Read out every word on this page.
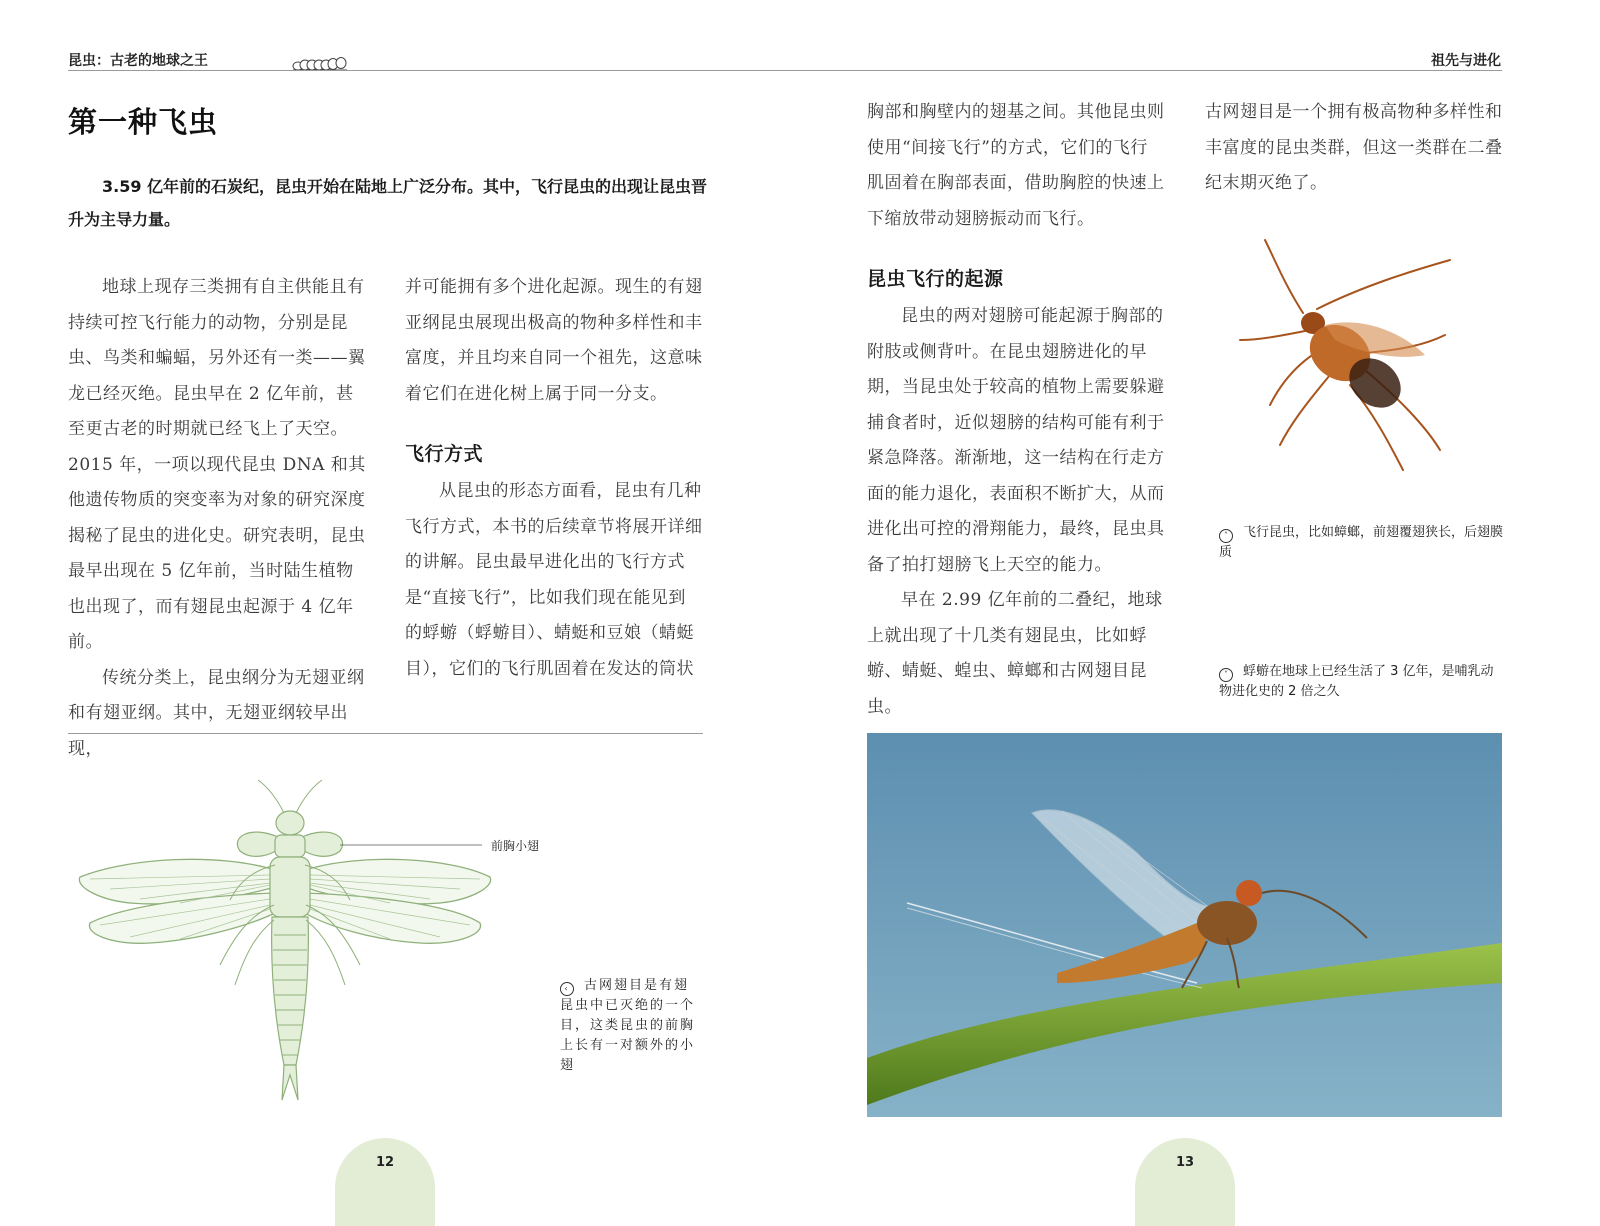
昆虫：古老的地球之王	祖先与进化
第一种飞虫
3.59 亿年前的石炭纪，昆虫开始在陆地上广泛分布。其中，飞行昆虫的出现让昆虫晋升为主导力量。

地球上现存三类拥有自主供能且有持续可控飞行能力的动物，分别是昆虫、鸟类和蝙蝠，另外还有一类——翼龙已经灭绝。昆虫早在 2 亿年前，甚至更古老的时期就已经飞上了天空。2015 年，一项以现代昆虫 DNA 和其他遗传物质的突变率为对象的研究深度揭秘了昆虫的进化史。研究表明，昆虫最早出现在 5 亿年前，当时陆生植物也出现了，而有翅昆虫起源于 4 亿年前。

传统分类上，昆虫纲分为无翅亚纲和有翅亚纲。其中，无翅亚纲较早出现，

并可能拥有多个进化起源。现生的有翅亚纲昆虫展现出极高的物种多样性和丰富度，并且均来自同一个祖先，这意味着它们在进化树上属于同一分支。

飞行方式

从昆虫的形态方面看，昆虫有几种飞行方式，本书的后续章节将展开详细的讲解。昆虫最早进化出的飞行方式是“直接飞行”，比如我们现在能见到的蜉蝣（蜉蝣目）、蜻蜓和豆娘（蜻蜓目），它们的飞行肌固着在发达的筒状

前胸小翅
‹ 古网翅目是有翅昆虫中已灭绝的一个目，这类昆虫的前胸上长有一对额外的小翅
12

胸部和胸壁内的翅基之间。其他昆虫则使用“间接飞行”的方式，它们的飞行肌固着在胸部表面，借助胸腔的快速上下缩放带动翅膀振动而飞行。

昆虫飞行的起源

昆虫的两对翅膀可能起源于胸部的附肢或侧背叶。在昆虫翅膀进化的早期，当昆虫处于较高的植物上需要躲避捕食者时，近似翅膀的结构可能有利于紧急降落。渐渐地，这一结构在行走方面的能力退化，表面积不断扩大，从而进化出可控的滑翔能力，最终，昆虫具备了拍打翅膀飞上天空的能力。

早在 2.99 亿年前的二叠纪，地球上就出现了十几类有翅昆虫，比如蜉蝣、蜻蜓、蝗虫、蟑螂和古网翅目昆虫。

古网翅目是一个拥有极高物种多样性和丰富度的昆虫类群，但这一类群在二叠纪末期灭绝了。

˄ 飞行昆虫，比如蟑螂，前翅覆翅狭长，后翅膜质
˅ 蜉蝣在地球上已经生活了 3 亿年，是哺乳动物进化史的 2 倍之久
13
